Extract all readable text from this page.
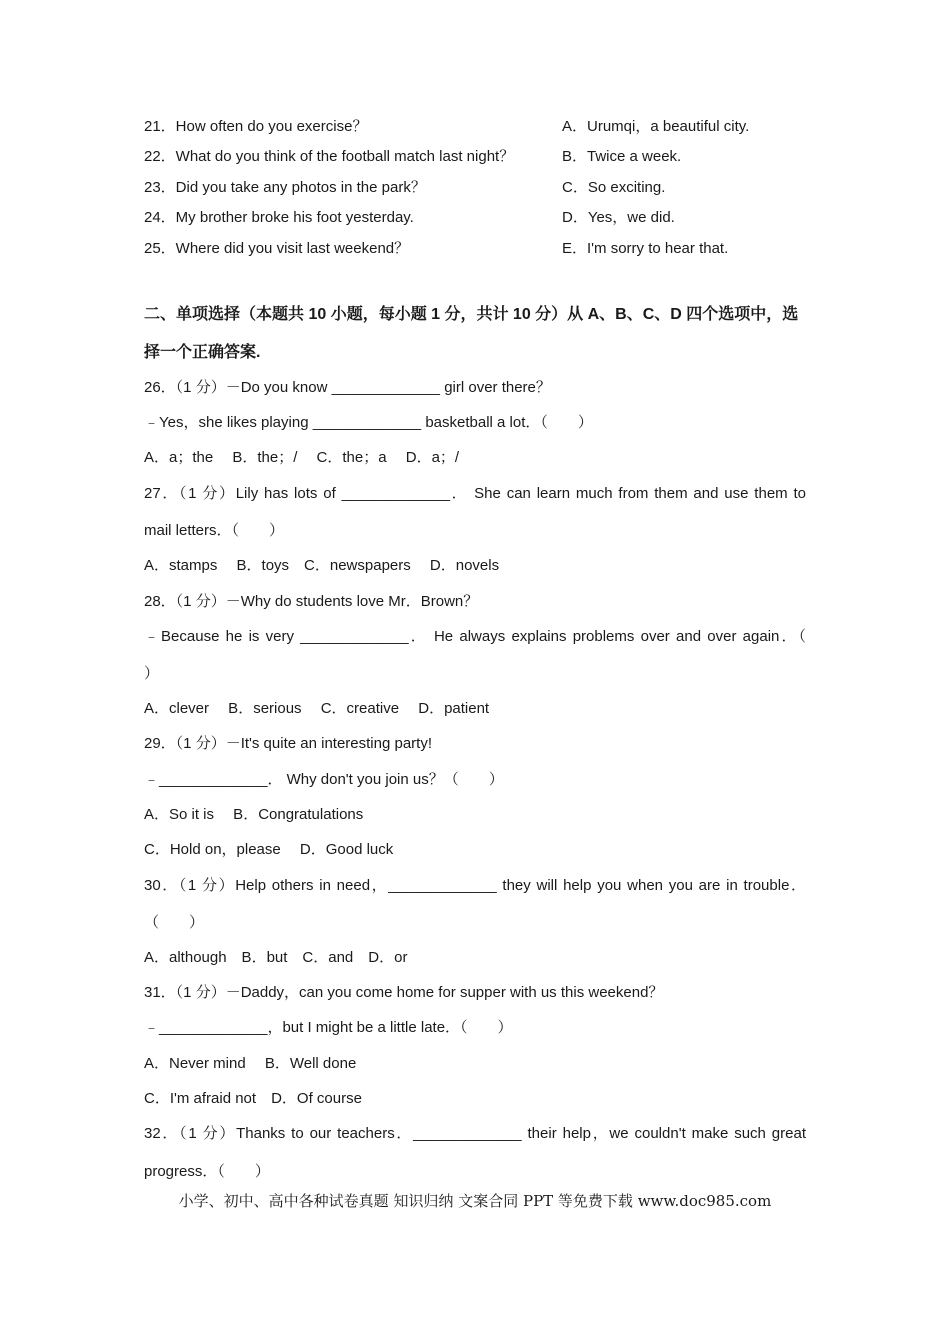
21．How often do you exercise？
22．What do you think of the football match last night？
23．Did you take any photos in the park？
24．My brother broke his foot yesterday.
25．Where did you visit last weekend？
A．Urumqi，a beautiful city.
B．Twice a week.
C．So exciting.
D．Yes，we did.
E．I'm sorry to hear that.
二、单项选择（本题共 10 小题，每小题 1 分，共计 10 分）从 A、B、C、D 四个选项中，选
择一个正确答案.
26．（1 分）－Do you know _____________ girl over there？
﹣Yes，she likes playing _____________ basketball a lot．（　　）
A．a；the　 B．the；/　 C．the；a　 D．a；/
27．（1 分）Lily has lots of _____________． She can learn much from them and use them to
mail letters．（　　）
A．stamps　 B．toys　C．newspapers　 D．novels
28．（1 分）－Why do students love Mr．Brown？
﹣Because he is very _____________． He always explains problems over and over again．（
）
A．clever　 B．serious　 C．creative　 D．patient
29．（1 分）－It's quite an interesting party!
﹣_____________． Why don't you join us？（　　）
A．So it is　 B．Congratulations
C．Hold on，please　 D．Good luck
30．（1 分）Help others in need，_____________ they will help you when you are in trouble．
（　　）
A．although　B．but　C．and　D．or
31．（1 分）－Daddy，can you come home for supper with us this weekend？
﹣_____________，but I might be a little late．（　　）
A．Never mind　 B．Well done
C．I'm afraid not　D．Of course
32．（1 分）Thanks to our teachers．_____________ their help，we couldn't make such great
progress．（　　）
小学、初中、高中各种试卷真题 知识归纳 文案合同 PPT 等免费下载 www.doc985.com
